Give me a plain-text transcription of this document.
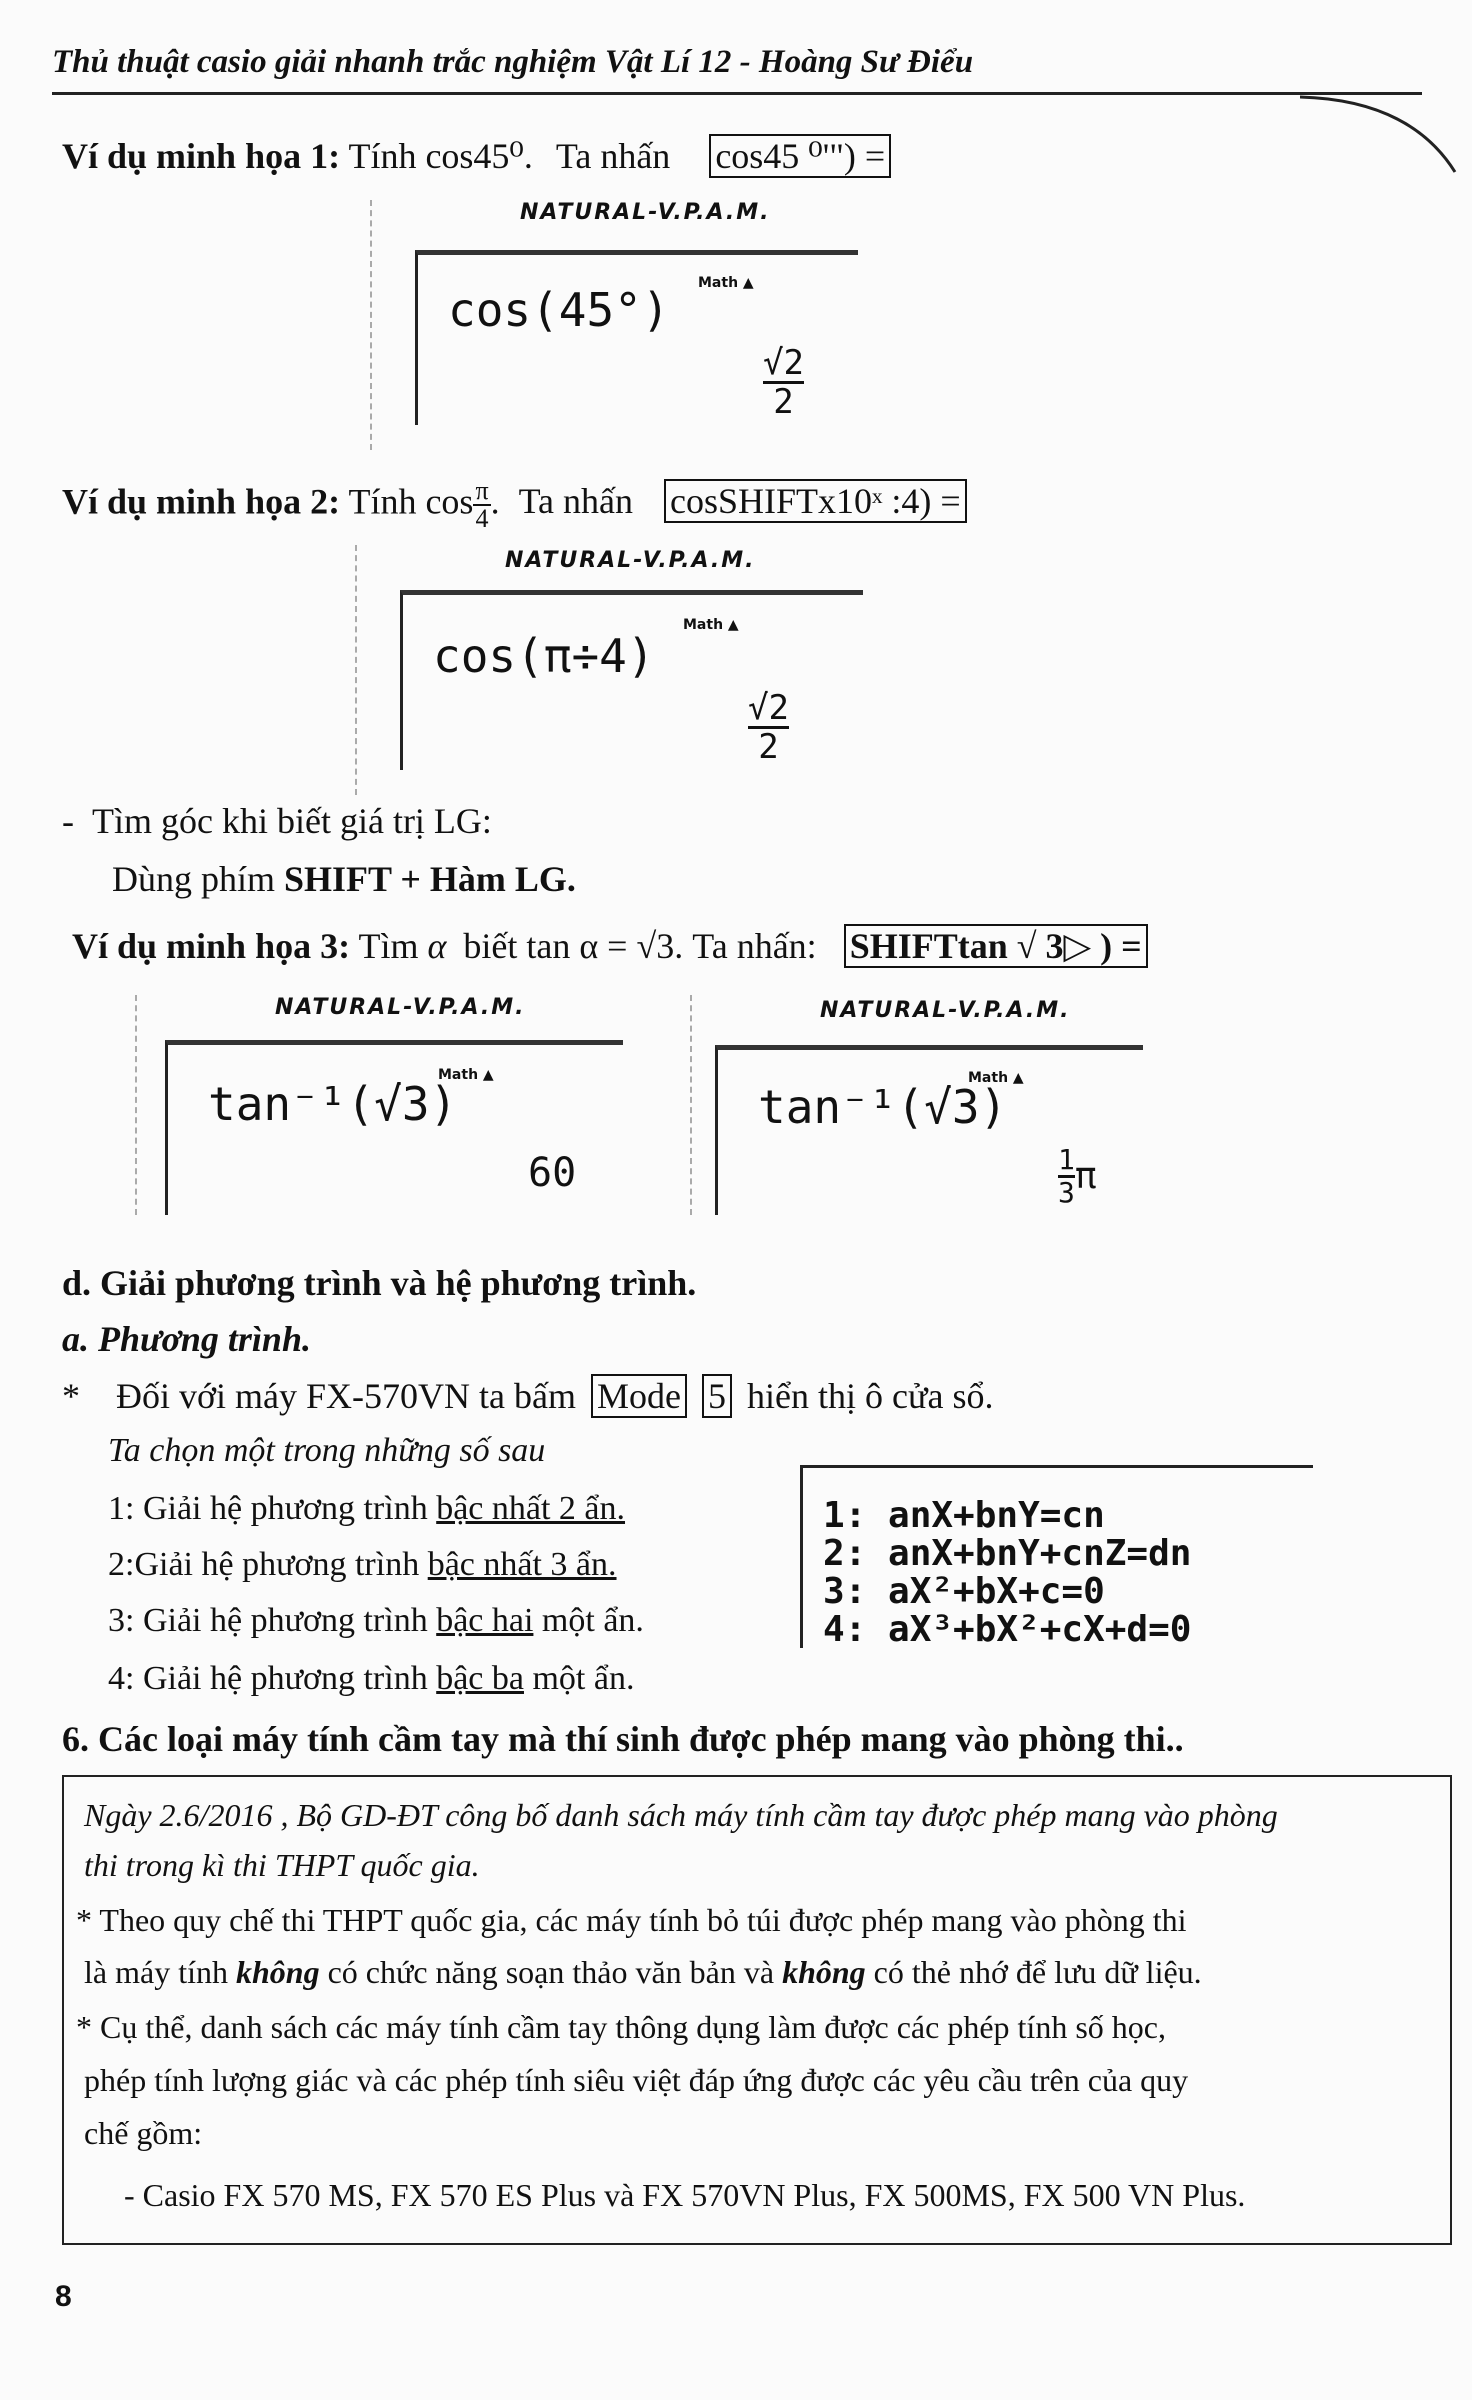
Thủ thuật casio giải nhanh trắc nghiệm Vật Lí 12 - Hoàng Sư Điểu
Ví dụ minh họa 1: Tính cos45⁰. Ta nhấn cos45 ⁰'") =
NATURAL-V.P.A.M.
cos(45°) Math ▲
$\frac{√2}{2}$
Ví dụ minh họa 2: Tính $\cos \frac{\pi}{4}$ . Ta nhấn cosSHIFTx10ˣ :4) =
NATURAL-V.P.A.M.
cos(π÷4)
Math ▲
$\frac{√2}{2}$
-  Tìm góc khi biết giá trị LG:
Dùng phím SHIFT + Hàm LG.
Ví dụ minh họa 3: Tìm α biết tan α = √3. Ta nhấn: SHIFTtan √ 3▷ ) =
NATURAL-V.P.A.M.
tan⁻¹(√3)
Math ▲
60
NATURAL-V.P.A.M.
tan⁻¹(√3)
Math ▲
$\frac{1}{3}\pi$
d. Giải phương trình và hệ phương trình.
a. Phương trình.
*    Đối với máy FX-570VN ta bấm Mode 5 hiển thị ô cửa sổ.
Ta chọn một trong những số sau
1: Giải hệ phương trình bậc nhất 2 ẩn.
2:Giải hệ phương trình bậc nhất 3 ẩn.
3: Giải hệ phương trình bậc hai một ẩn.
4: Giải hệ phương trình bậc ba một ẩn.
1: anX+bnY=cn
2: anX+bnY+cnZ=dn
3: aX²+bX+c=0
4: aX³+bX²+cX+d=0
6. Các loại máy tính cầm tay mà thí sinh được phép mang vào phòng thi..
Ngày 2.6/2016 , Bộ GD-ĐT công bố danh sách máy tính cầm tay được phép mang vào phòng
thi trong kì thi THPT quốc gia.
* Theo quy chế thi THPT quốc gia, các máy tính bỏ túi được phép mang vào phòng thi
là máy tính không có chức năng soạn thảo văn bản và không có thẻ nhớ để lưu dữ liệu.
* Cụ thể, danh sách các máy tính cầm tay thông dụng làm được các phép tính số học,
phép tính lượng giác và các phép tính siêu việt đáp ứng được các yêu cầu trên của quy
chế gồm:
- Casio FX 570 MS, FX 570 ES Plus và FX 570VN Plus, FX 500MS, FX 500 VN Plus.
8
